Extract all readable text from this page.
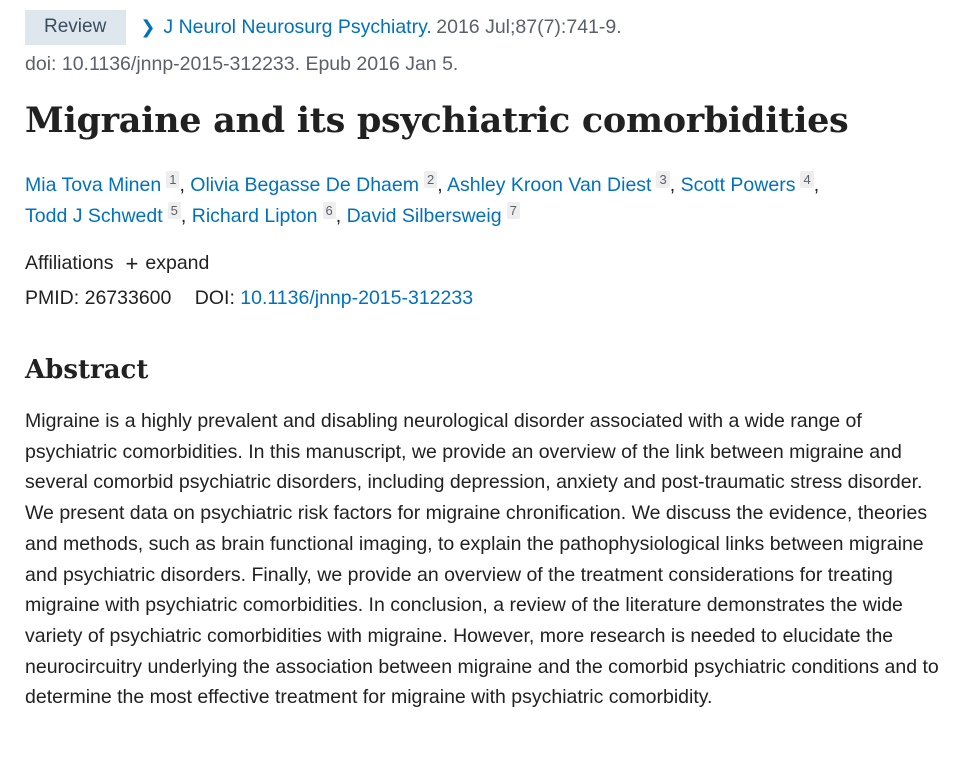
Review	❯ J Neurol Neurosurg Psychiatry.
2016 Jul;87(7):741-9.
doi: 10.1136/jnnp-2015-312233. Epub 2016 Jan 5.
Migraine and its psychiatric comorbidities
Mia Tova Minen 1 , Olivia Begasse De Dhaem 2 , Ashley Kroon Van Diest 3 , Scott Powers 4 ,
Todd J Schwedt 5 , Richard Lipton 6 , David Silbersweig 7
Affiliations + expand
PMID: 26733600 DOI: 10.1136/jnnp-2015-312233
Abstract

Migraine is a highly prevalent and disabling neurological disorder associated with a wide range of psychiatric comorbidities. In this manuscript, we provide an overview of the link between migraine and several comorbid psychiatric disorders, including depression, anxiety and post-traumatic stress disorder. We present data on psychiatric risk factors for migraine chronification. We discuss the evidence, theories and methods, such as brain functional imaging, to explain the pathophysiological links between migraine and psychiatric disorders. Finally, we provide an overview of the treatment considerations for treating migraine with psychiatric comorbidities. In conclusion, a review of the literature demonstrates the wide variety of psychiatric comorbidities with migraine. However, more research is needed to elucidate the neurocircuitry underlying the association between migraine and the comorbid psychiatric conditions and to determine the most effective treatment for migraine with psychiatric comorbidity.
